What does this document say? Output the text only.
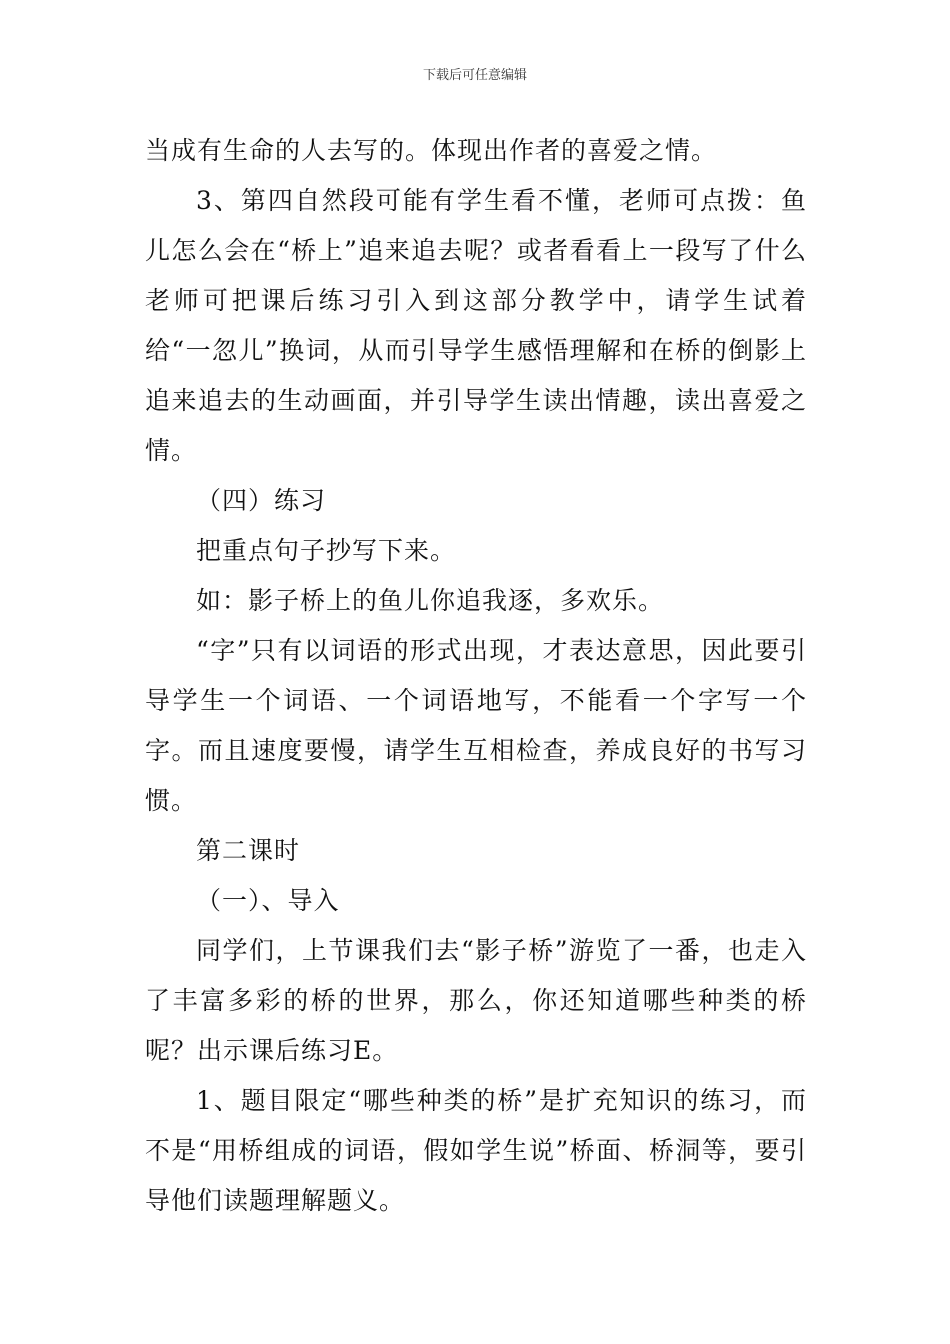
下载后可任意编辑

当成有生命的人去写的。体现出作者的喜爱之情。

3、第四自然段可能有学生看不懂，老师可点拨：鱼儿怎么会在“桥上”追来追去呢？或者看看上一段写了什么老师可把课后练习引入到这部分教学中，请学生试着给“一忽儿”换词，从而引导学生感悟理解和在桥的倒影上追来追去的生动画面，并引导学生读出情趣，读出喜爱之情。

（四）练习

把重点句子抄写下来。

如：影子桥上的鱼儿你追我逐，多欢乐。

“字”只有以词语的形式出现，才表达意思，因此要引导学生一个词语、一个词语地写，不能看一个字写一个字。而且速度要慢，请学生互相检查，养成良好的书写习惯。

第二课时

（一）、导入

同学们，上节课我们去“影子桥”游览了一番，也走入了丰富多彩的桥的世界，那么，你还知道哪些种类的桥呢？出示课后练习E。

1、题目限定“哪些种类的桥”是扩充知识的练习，而不是“用桥组成的词语，假如学生说”桥面、桥洞等，要引导他们读题理解题义。
